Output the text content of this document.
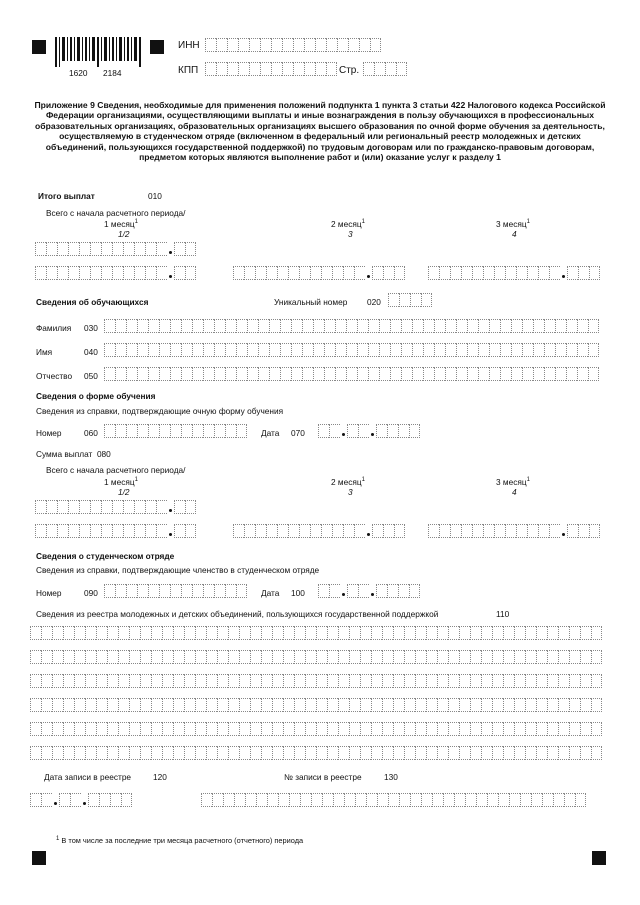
1620 2184
ИНН
КПП	Стр.
Приложение 9 Сведения, необходимые для применения положений подпункта 1 пункта 3 статьи 422 Налогового кодекса Российской Федерации организациями, осуществляющими выплаты и иные вознаграждения в пользу обучающихся в профессиональных образовательных организациях, образовательных организациях высшего образования по очной форме обучения за деятельность, осуществляемую в студенческом отряде (включенном в федеральный или региональный реестр молодежных и детских объединений, пользующихся государственной поддержкой) по трудовым договорам или по гражданско-правовым договорам, предметом которых являются выполнение работ и (или) оказание услуг к разделу 1
Итого выплат	010
Всего с начала расчетного периода/
1 месяц$^1$
1/2
2 месяц$^1$
3
3 месяц$^1$
4
Сведения об обучающихся	Уникальный номер 020
Фамилия 030
Имя	040
Отчество 050
Сведения о форме обучения
Сведения из справки, подтверждающие очную форму обучения
Номер	060	Дата 070
Сумма выплат 080
Всего с начала расчетного периода/
1 месяц$^1$
1/2
2 месяц$^1$
3
3 месяц$^1$
4
Сведения о студенческом отряде
Сведения из справки, подтверждающие членство в студенческом отряде
Номер	090	Дата 100
Сведения из реестра молодежных и детских объединений, пользующихся государственной поддержкой	110
Дата записи в реестре	120	№ записи в реестре	130
$^1$ В том числе за последние три месяца расчетного (отчетного) периода
